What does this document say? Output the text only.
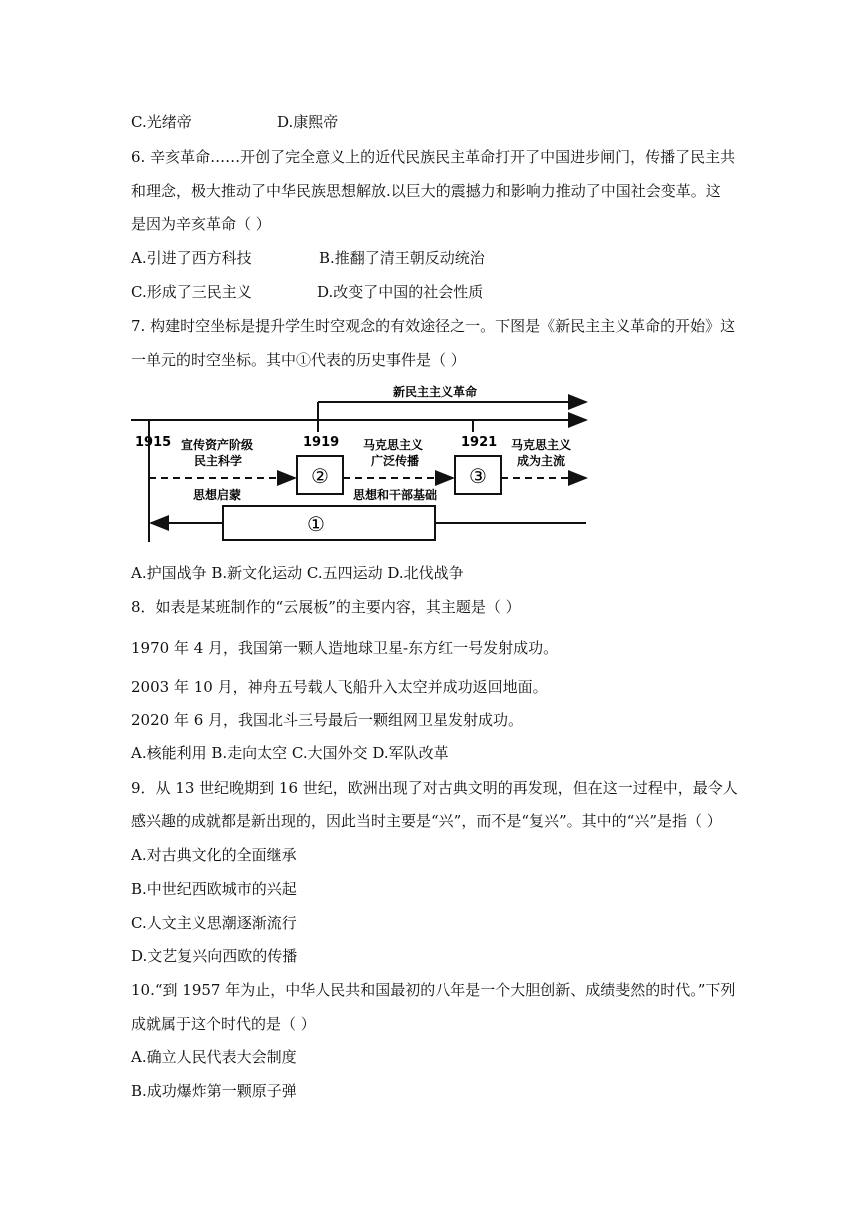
C.光绪帝	D.康熙帝
6. 辛亥革命……开创了完全意义上的近代民族民主革命打开了中国进步闸门，传播了民主共
和理念，极大推动了中华民族思想解放.以巨大的震撼力和影响力推动了中国社会变革。这
是因为辛亥革命（ ）
A.引进了西方科技	B.推翻了清王朝反动统治
C.形成了三民主义	D.改变了中国的社会性质
7. 构建时空坐标是提升学生时空观念的有效途径之一。下图是《新民主主义革命的开始》这
一单元的时空坐标。其中①代表的历史事件是（ ）
新民主主义革命
1915	1919	1921
宣传资产阶级
民主科学
马克思主义
广泛传播
马克思主义
成为主流
②	③
思想启蒙	思想和干部基础
①
A.护国战争 B.新文化运动 C.五四运动 D.北伐战争
8．如表是某班制作的“云展板”的主要内容，其主题是（ ）
1970 年 4 月，我国第一颗人造地球卫星-东方红一号发射成功。
2003 年 10 月，神舟五号载人飞船升入太空并成功返回地面。
2020 年 6 月，我国北斗三号最后一颗组网卫星发射成功。
A.核能利用 B.走向太空 C.大国外交 D.军队改革
9．从 13 世纪晚期到 16 世纪，欧洲出现了对古典文明的再发现，但在这一过程中，最令人
感兴趣的成就都是新出现的，因此当时主要是“兴”，而不是“复兴”。其中的“兴”是指（ ）
A.对古典文化的全面继承
B.中世纪西欧城市的兴起
C.人文主义思潮逐渐流行
D.文艺复兴向西欧的传播
10.“到 1957 年为止，中华人民共和国最初的八年是一个大胆创新、成绩斐然的时代。”下列
成就属于这个时代的是（ ）
A.确立人民代表大会制度
B.成功爆炸第一颗原子弹
